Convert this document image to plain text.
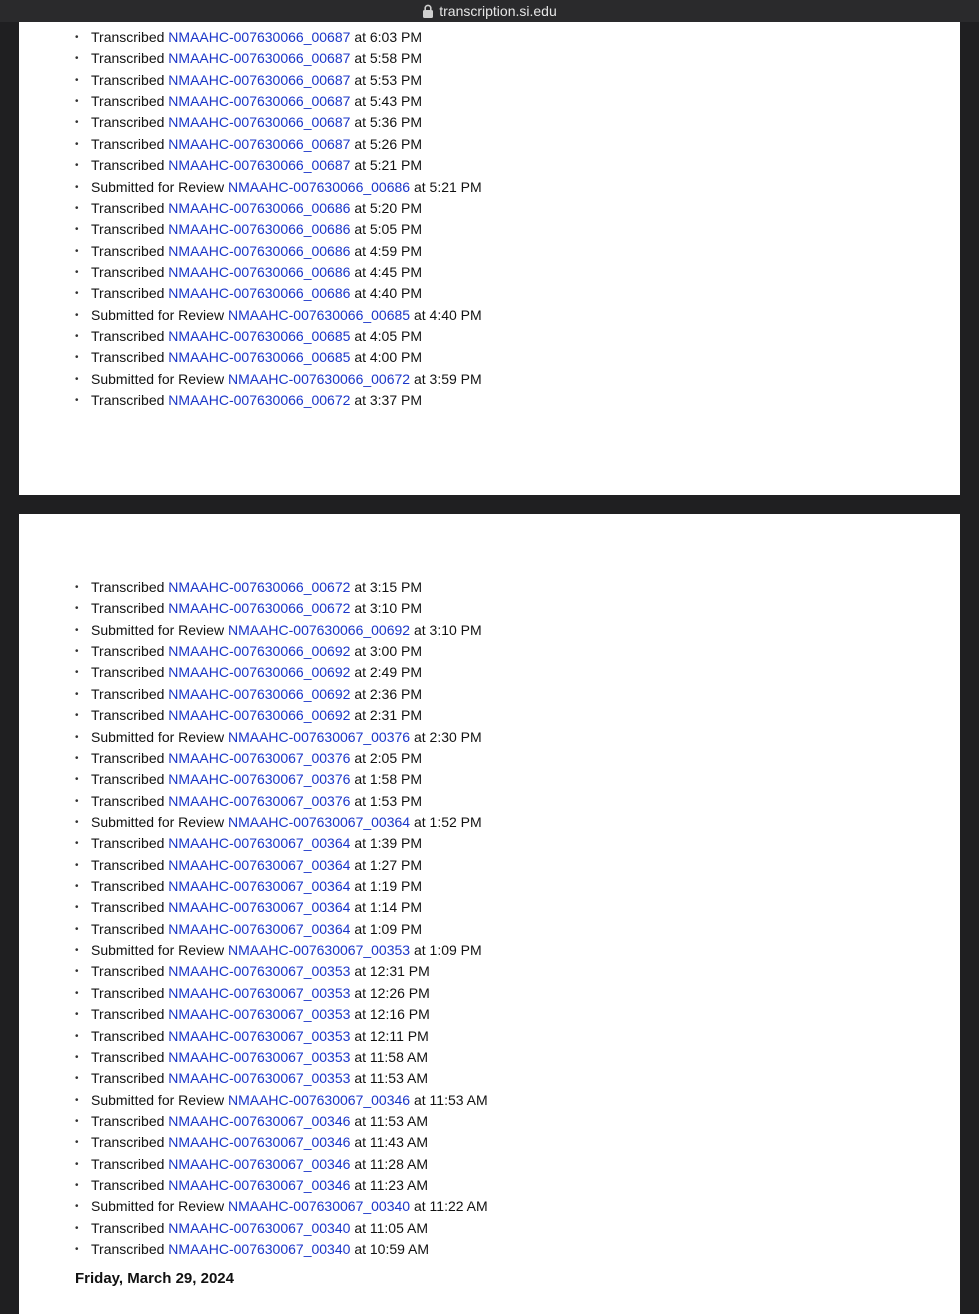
transcription.si.edu
• Transcribed NMAAHC-007630066_00687 at 6:03 PM
• Transcribed NMAAHC-007630066_00687 at 5:58 PM
• Transcribed NMAAHC-007630066_00687 at 5:53 PM
• Transcribed NMAAHC-007630066_00687 at 5:43 PM
• Transcribed NMAAHC-007630066_00687 at 5:36 PM
• Transcribed NMAAHC-007630066_00687 at 5:26 PM
• Transcribed NMAAHC-007630066_00687 at 5:21 PM
• Submitted for Review NMAAHC-007630066_00686 at 5:21 PM
• Transcribed NMAAHC-007630066_00686 at 5:20 PM
• Transcribed NMAAHC-007630066_00686 at 5:05 PM
• Transcribed NMAAHC-007630066_00686 at 4:59 PM
• Transcribed NMAAHC-007630066_00686 at 4:45 PM
• Transcribed NMAAHC-007630066_00686 at 4:40 PM
• Submitted for Review NMAAHC-007630066_00685 at 4:40 PM
• Transcribed NMAAHC-007630066_00685 at 4:05 PM
• Transcribed NMAAHC-007630066_00685 at 4:00 PM
• Submitted for Review NMAAHC-007630066_00672 at 3:59 PM
• Transcribed NMAAHC-007630066_00672 at 3:37 PM
• Transcribed NMAAHC-007630066_00672 at 3:15 PM
• Transcribed NMAAHC-007630066_00672 at 3:10 PM
• Submitted for Review NMAAHC-007630066_00692 at 3:10 PM
• Transcribed NMAAHC-007630066_00692 at 3:00 PM
• Transcribed NMAAHC-007630066_00692 at 2:49 PM
• Transcribed NMAAHC-007630066_00692 at 2:36 PM
• Transcribed NMAAHC-007630066_00692 at 2:31 PM
• Submitted for Review NMAAHC-007630067_00376 at 2:30 PM
• Transcribed NMAAHC-007630067_00376 at 2:05 PM
• Transcribed NMAAHC-007630067_00376 at 1:58 PM
• Transcribed NMAAHC-007630067_00376 at 1:53 PM
• Submitted for Review NMAAHC-007630067_00364 at 1:52 PM
• Transcribed NMAAHC-007630067_00364 at 1:39 PM
• Transcribed NMAAHC-007630067_00364 at 1:27 PM
• Transcribed NMAAHC-007630067_00364 at 1:19 PM
• Transcribed NMAAHC-007630067_00364 at 1:14 PM
• Transcribed NMAAHC-007630067_00364 at 1:09 PM
• Submitted for Review NMAAHC-007630067_00353 at 1:09 PM
• Transcribed NMAAHC-007630067_00353 at 12:31 PM
• Transcribed NMAAHC-007630067_00353 at 12:26 PM
• Transcribed NMAAHC-007630067_00353 at 12:16 PM
• Transcribed NMAAHC-007630067_00353 at 12:11 PM
• Transcribed NMAAHC-007630067_00353 at 11:58 AM
• Transcribed NMAAHC-007630067_00353 at 11:53 AM
• Submitted for Review NMAAHC-007630067_00346 at 11:53 AM
• Transcribed NMAAHC-007630067_00346 at 11:53 AM
• Transcribed NMAAHC-007630067_00346 at 11:43 AM
• Transcribed NMAAHC-007630067_00346 at 11:28 AM
• Transcribed NMAAHC-007630067_00346 at 11:23 AM
• Submitted for Review NMAAHC-007630067_00340 at 11:22 AM
• Transcribed NMAAHC-007630067_00340 at 11:05 AM
• Transcribed NMAAHC-007630067_00340 at 10:59 AM
Friday, March 29, 2024
